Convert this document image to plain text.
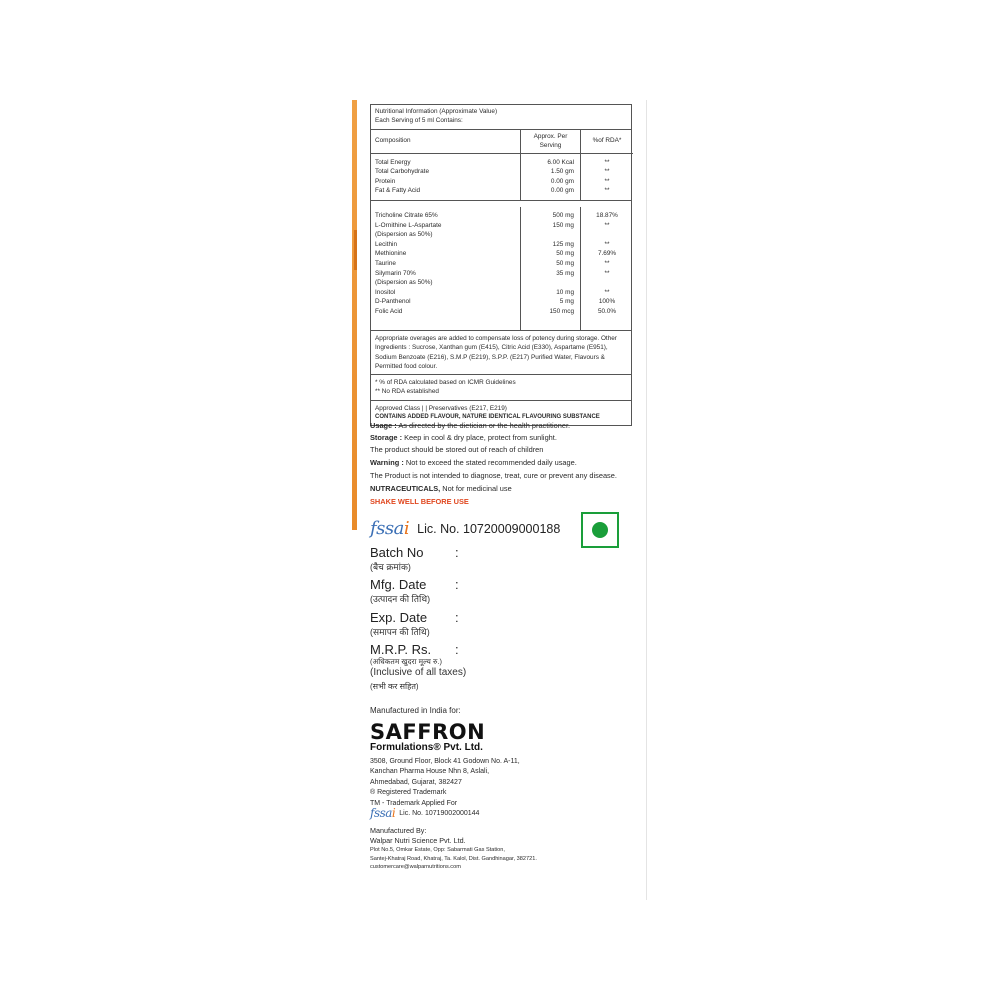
Nutritional Information (Approximate Value)
Each Serving of 5 ml Contains:
Composition
Approx. Per Serving
%of RDA*
Total Energy
Total Carbohydrate
Protein
Fat & Fatty Acid
6.00 Kcal
1.50 gm
0.00 gm
0.00 gm
**
**
**
**
Tricholine Citrate 65%
L-Ornithine L-Aspartate
(Dispersion as 50%)
Lecithin
Methionine
Taurine
Silymarin 70%
(Dispersion as 50%)
Inositol
D-Panthenol
Folic Acid
500 mg
150 mg
125 mg
50 mg
50 mg
35 mg
10 mg
5 mg
150 mcg
18.87%
**
**
7.69%
**
**
**
100%
50.0%
Appropriate overages are added to compensate loss of potency during storage. Other Ingredients : Sucrose, Xanthan gum (E415), Citric Acid (E330), Aspartame (E951), Sodium Benzoate (E216), S.M.P (E219), S.P.P. (E217) Purified Water, Flavours & Permitted food colour.
* % of RDA calculated based on ICMR Guidelines
** No RDA established
Approved Class | | Preservatives (E217, E219)
CONTAINS ADDED FLAVOUR, NATURE IDENTICAL FLAVOURING SUBSTANCE
Usage : As directed by the dietician or the health practitioner.
Storage : Keep in cool & dry place, protect from sunlight.
The product should be stored out of reach of children
Warning : Not to exceed the stated recommended daily usage.
The Product is not intended to diagnose, treat, cure or prevent any disease.
NUTRACEUTICALS, Not for medicinal use
SHAKE WELL BEFORE USE
fssai Lic. No. 10720009000188
Batch No
(बैच क्रमांक)
:
Mfg. Date
(उत्पादन की तिथि)
:
Exp. Date
(समापन की तिथि)
:
M.R.P. Rs.
(अधिकतम खुदरा मूल्य रु.)
(Inclusive of all taxes)
(सभी कर सहित)
:
Manufactured in India for:
SAFFRON
Formulations® Pvt. Ltd.
3508, Ground Floor, Block 41 Godown No. A-11,
Kanchan Pharma House Nhn 8, Aslali,
Ahmedabad, Gujarat, 382427
® Registered Trademark
TM - Trademark Applied For
fssai Lic. No. 10719002000144
Manufactured By:
Walpar Nutri Science Pvt. Ltd.
Plot No.5, Omkar Estate, Opp: Sabarmati Gas Station,
Santej-Khatraj Road, Khatraj, Ta. Kalol, Dist. Gandhinagar, 382721.
customercare@walparnutritions.com
